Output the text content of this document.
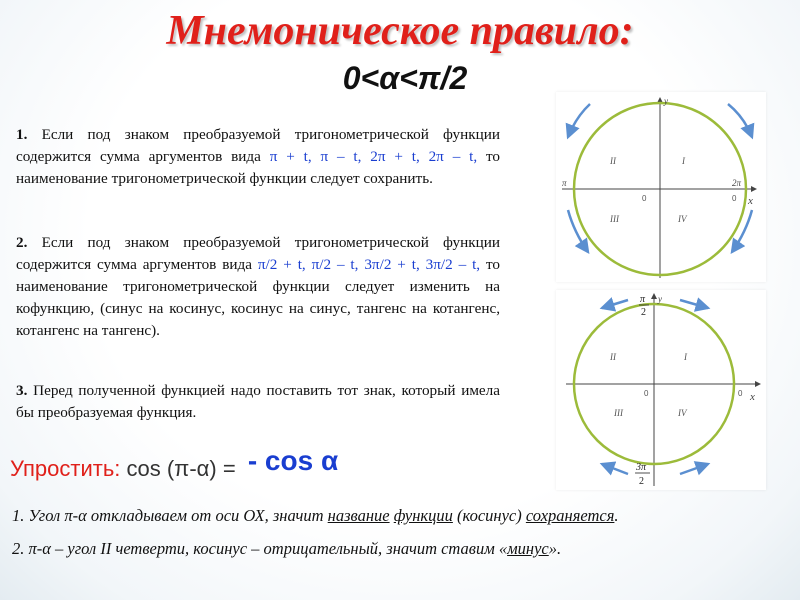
Мнемоническое правило:
0<α<π/2

1. Если под знаком преобразуемой тригонометрической функции содержится сумма аргументов вида π + t, π – t, 2π + t, 2π – t, то наименование тригонометрической функции следует сохранить.

2. Если под знаком преобразуемой тригонометрической функции содержится сумма аргументов вида π/2 + t, π/2 – t, 3π/2 + t, 3π/2 – t, то наименование тригонометрической функции следует изменить на кофункцию, (синус на косинус, косинус на синус, тангенс на котангенс, котангенс на тангенс).

3. Перед полученной функцией надо поставить тот знак, который имела бы преобразуемая функция.

y
x
0	0
π	2π
I
II
III	IV
y
x
0	0
π
2
3π
2
I
II
III	IV
Упростить: cos (π-α) = - cos α
1. Угол π-α откладываем от оси ОХ, значит название функции (косинус) сохраняется.
2. π-α – угол II четверти, косинус – отрицательный, значит ставим «минус».
